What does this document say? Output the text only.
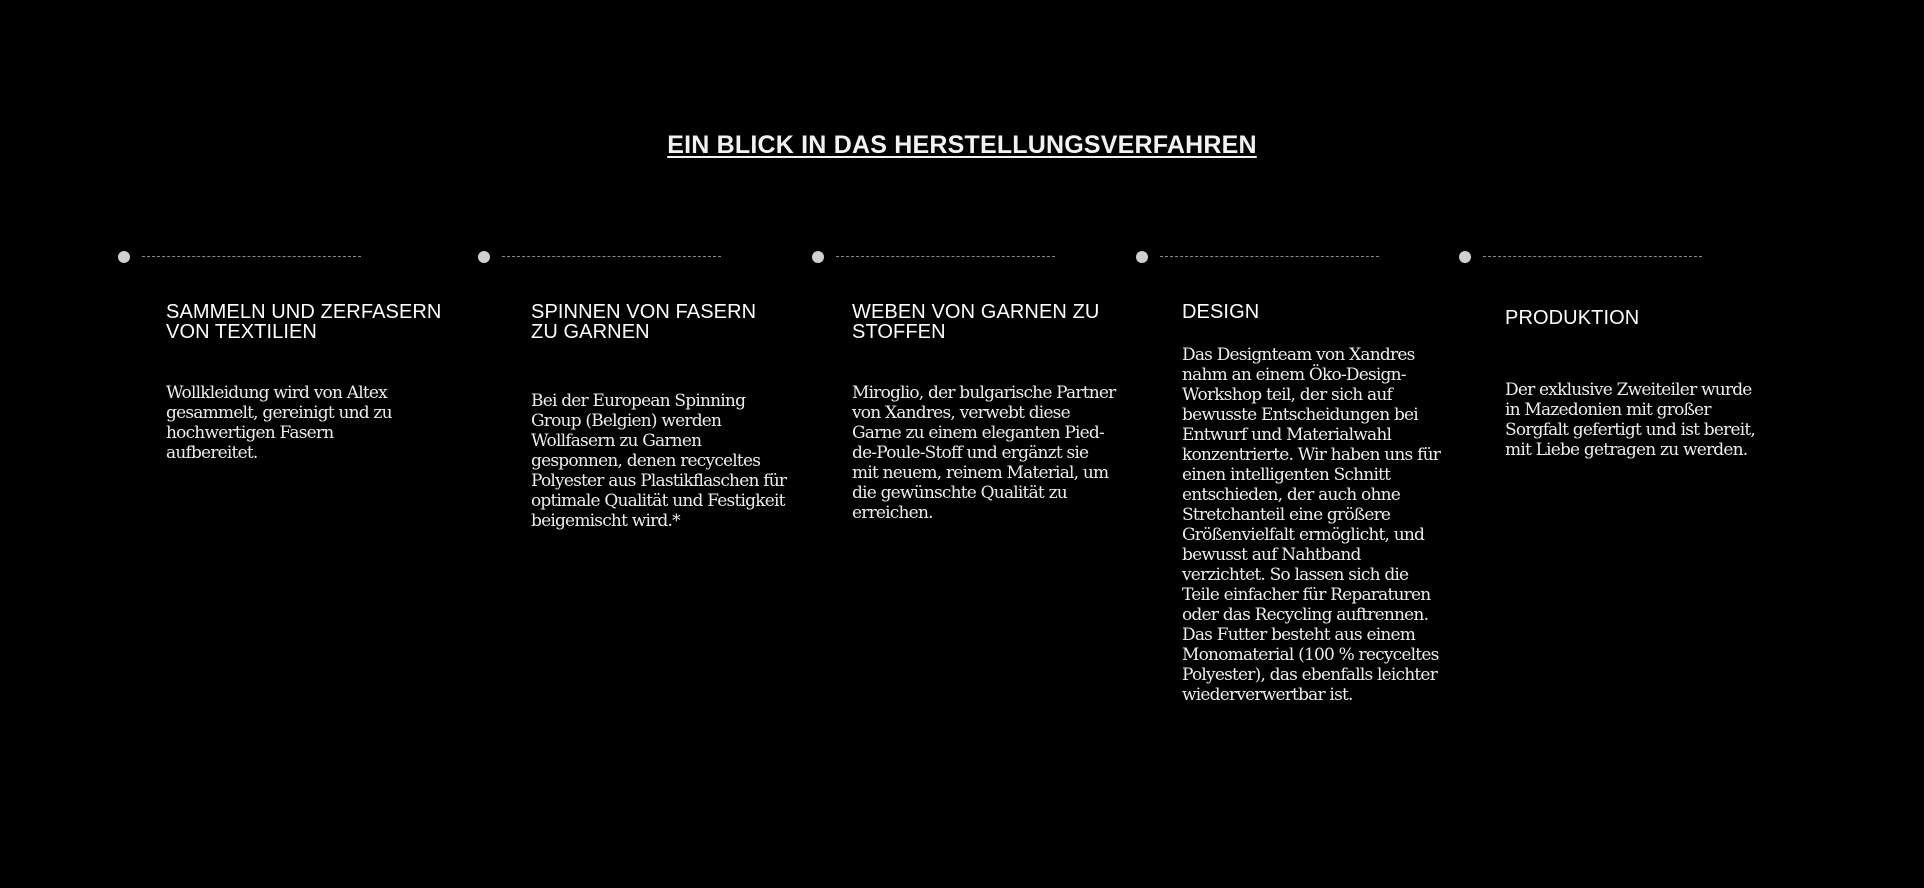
EIN BLICK IN DAS HERSTELLUNGSVERFAHREN
SAMMELN UND ZERFASERN
VON TEXTILIEN

Wollkleidung wird von Altex gesammelt, gereinigt und zu hochwertigen Fasern aufbereitet.

SPINNEN VON FASERN
ZU GARNEN

Bei der European Spinning Group (Belgien) werden Wollfasern zu Garnen gesponnen, denen recyceltes Polyester aus Plastikflaschen für optimale Qualität und Festigkeit beigemischt wird.*

WEBEN VON GARNEN ZU
STOFFEN

Miroglio, der bulgarische Partner von Xandres, verwebt diese Garne zu einem eleganten Pied-de-Poule-Stoff und ergänzt sie mit neuem, reinem Material, um die gewünschte Qualität zu erreichen.

DESIGN

Das Designteam von Xandres nahm an einem Öko-Design-Workshop teil, der sich auf bewusste Entscheidungen bei Entwurf und Materialwahl konzentrierte. Wir haben uns für einen intelligenten Schnitt entschieden, der auch ohne Stretchanteil eine größere Größenvielfalt ermöglicht, und bewusst auf Nahtband verzichtet. So lassen sich die Teile einfacher für Reparaturen oder das Recycling auftrennen. Das Futter besteht aus einem Monomaterial (100 % recyceltes Polyester), das ebenfalls leichter wiederverwertbar ist.

PRODUKTION

Der exklusive Zweiteiler wurde in Mazedonien mit großer Sorgfalt gefertigt und ist bereit, mit Liebe getragen zu werden.
